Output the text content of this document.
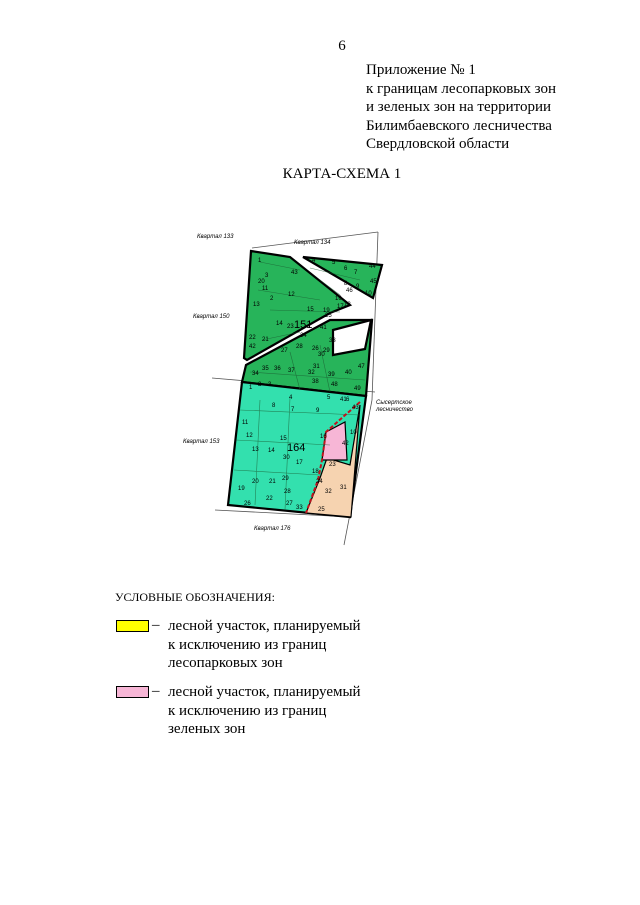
6
Приложение № 1
к границам лесопарковых зон
и зеленых зон на территории
Билимбаевского лесничества
Свердловской области
КАРТА-СХЕМА 1
Квартал 133
Квартал 134
Квартал 150
Квартал 153
Квартал 176
Сысертское
лесничество
151
164
1
2
3
4	5
6
7
8 9
10
11
12
13
14
15
16
17 18
19
20
21
22
23
24
25
26
27
28
29
30
31
32
33
34
35 36 37
38
39 40
41
42
43
44
45
46
47
48
49
1 2 3
4	5	6
7
8
9
10
11
12
13 14
15	16
17
18
19
20 21
22
23
24
25
26	27
28
29
30
31
32
33
41
42
43
УСЛОВНЫЕ ОБОЗНАЧЕНИЯ:
– лесной участок, планируемый
к исключению из границ
лесопарковых зон
– лесной участок, планируемый
к исключению из границ
зеленых зон
